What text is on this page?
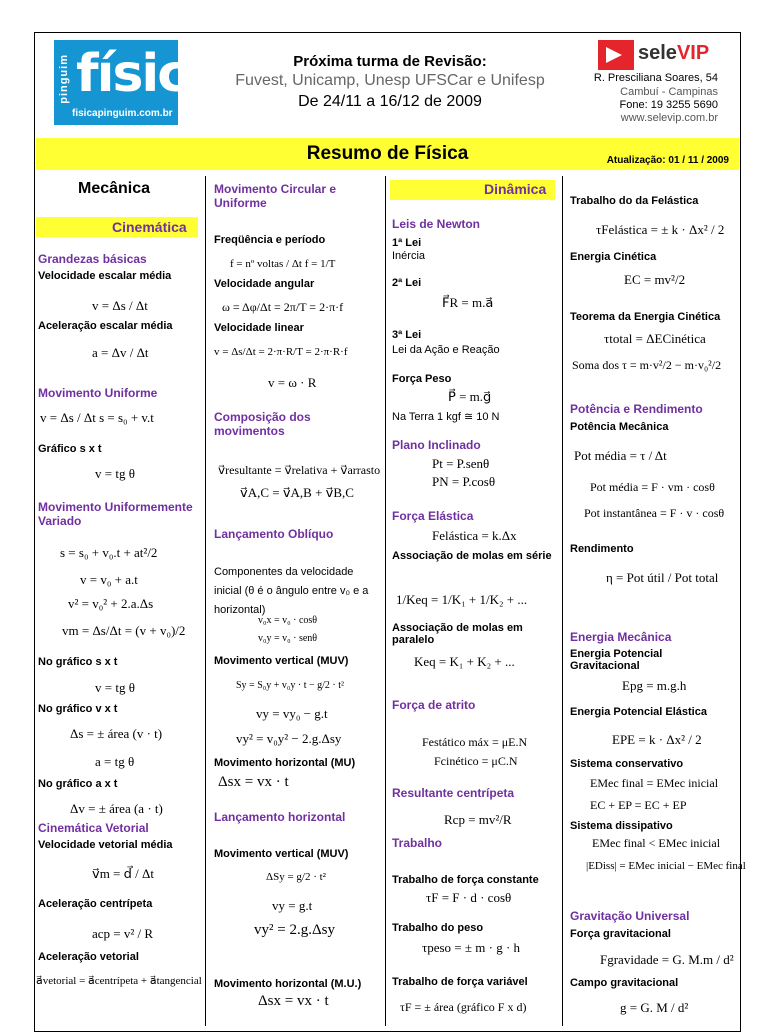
pinguim física
fisicapinguim.com.br
Próxima turma de Revisão:
Fuvest, Unicamp, Unesp UFSCar e Unifesp
De 24/11 a 16/12 de 2009
seleVIP
R. Presciliana Soares, 54
Cambuí - Campinas
Fone: 19 3255 5690
www.selevip.com.br
Resumo de Física	Atualização: 01 / 11 / 2009
Mecânica
Cinemática
Grandezas básicas
Velocidade escalar média
v = Δs / Δt
Aceleração escalar média
a = Δv / Δt
Movimento Uniforme
v = Δs / Δt s = s₀ + v.t
Gráfico s x t
v = tg θ
Movimento Uniformemente Variado
s = s₀ + v₀.t + at²/2
v = v₀ + a.t
v² = v₀² + 2.a.Δs
vm = Δs/Δt = (v + v₀)/2
No gráfico s x t
v = tg θ
No gráfico v x t
Δs = ± área (v · t)
a = tg θ
No gráfico a x t
Δv = ± área (a · t)
Cinemática Vetorial
Velocidade vetorial média
v⃗m = d⃗ / Δt
Aceleração centrípeta
acp = v² / R
Aceleração vetorial
a⃗vetorial = a⃗centrípeta + a⃗tangencial
Movimento Circular e Uniforme
Freqüência e período
f = nº voltas / Δt f = 1/T
Velocidade angular
ω = Δφ/Δt = 2π/T = 2·π·f
Velocidade linear
v = Δs/Δt = 2·π·R/T = 2·π·R·f
v = ω · R
Composição dos movimentos
v⃗resultante = v⃗relativa + v⃗arrasto
v⃗A,C = v⃗A,B + v⃗B,C
Lançamento Oblíquo
Componentes da velocidade inicial (θ é o ângulo entre v₀ e a horizontal)
v₀x = v₀ · cosθ
v₀y = v₀ · senθ
Movimento vertical (MUV)
Sy = S₀y + v₀y · t − g/2 · t²
vy = vy₀ − g.t
vy² = v₀y² − 2.g.Δsy
Movimento horizontal (MU)
Δsx = vx · t
Lançamento horizontal
Movimento vertical (MUV)
ΔSy = g/2 · t²
vy = g.t
vy² = 2.g.Δsy
Movimento horizontal (M.U.)
Δsx = vx · t
Dinâmica
Leis de Newton
1ª Lei
Inércia
2ª Lei
F⃗R = m.a⃗
3ª Lei
Lei da Ação e Reação
Força Peso
P⃗ = m.g⃗
Na Terra 1 kgf ≅ 10 N
Plano Inclinado
Pt = P.senθ
PN = P.cosθ
Força Elástica
Felástica = k.Δx
Associação de molas em série
1/Keq = 1/K₁ + 1/K₂ + ...
Associação de molas em paralelo
Keq = K₁ + K₂ + ...
Força de atrito
Festático máx = μE.N
Fcinético = μC.N
Resultante centrípeta
Rcp = mv²/R
Trabalho
Trabalho de força constante
τF = F · d · cosθ
Trabalho do peso
τpeso = ± m · g · h
Trabalho de força variável
τF = ± área (gráfico F x d)
Trabalho do da Felástica
τFelástica = ± k · Δx² / 2
Energia Cinética
EC = mv²/2
Teorema da Energia Cinética
τtotal = ΔECinética
Soma dos τ = m·v²/2 − m·v₀²/2
Potência e Rendimento
Potência Mecânica
Pot média = τ / Δt
Pot média = F · vm · cosθ
Pot instantânea = F · v · cosθ
Rendimento
η = Pot útil / Pot total
Energia Mecânica
Energia Potencial Gravitacional
Epg = m.g.h
Energia Potencial Elástica
EPE = k · Δx² / 2
Sistema conservativo
EMec final = EMec inicial
EC + EP = EC + EP
Sistema dissipativo
EMec final < EMec inicial
|EDiss| = EMec inicial − EMec final
Gravitação Universal
Força gravitacional
Fgravidade = G. M.m / d²
Campo gravitacional
g = G. M / d²
